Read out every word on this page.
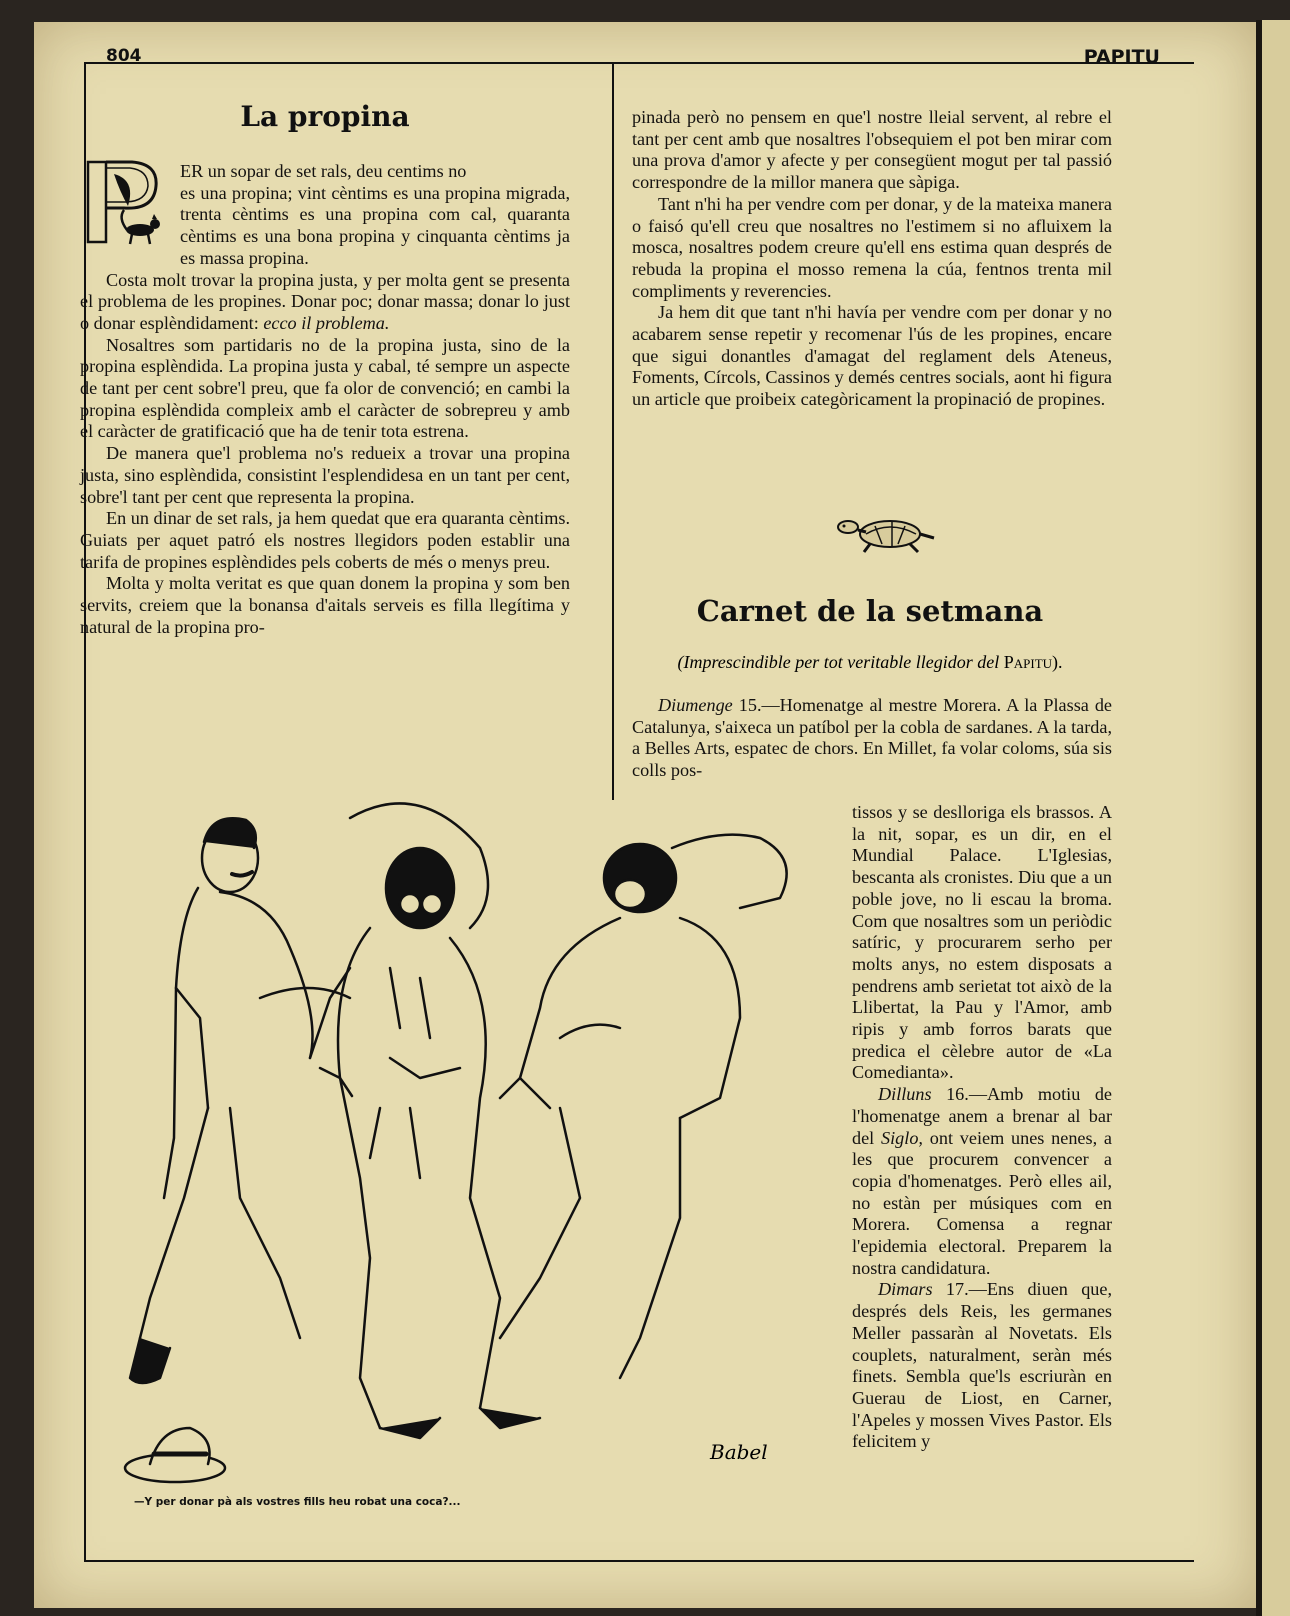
804	PAPITU
La propina

ER un sopar de set rals, deu centims no

es una propina; vint cèntims es una propina migrada, trenta cèntims es una propina com cal, quaranta cèntims es una bona propina y cinquanta cèntims ja es massa propina.

Costa molt trovar la propina justa, y per molta gent se presenta el problema de les propines. Donar poc; donar massa; donar lo just o donar esplèndidament: ecco il problema.

Nosaltres som partidaris no de la propina justa, sino de la propina esplèndida. La propina justa y cabal, té sempre un aspecte de tant per cent sobre'l preu, que fa olor de convenció; en cambi la propina esplèndida compleix amb el caràcter de sobrepreu y amb el caràcter de gratificació que ha de tenir tota estrena.

De manera que'l problema no's redueix a trovar una propina justa, sino esplèndida, consistint l'esplendidesa en un tant per cent, sobre'l tant per cent que representa la propina.

En un dinar de set rals, ja hem quedat que era quaranta cèntims. Guiats per aquet patró els nostres llegidors poden establir una tarifa de propines esplèndides pels coberts de més o menys preu.

Molta y molta veritat es que quan donem la propina y som ben servits, creiem que la bonansa d'aitals serveis es filla llegítima y natural de la propina pro-

pinada però no pensem en que'l nostre lleial servent, al rebre el tant per cent amb que nosaltres l'obsequiem el pot ben mirar com una prova d'amor y afecte y per consegüent mogut per tal passió correspondre de la millor manera que sàpiga.

Tant n'hi ha per vendre com per donar, y de la mateixa manera o faisó qu'ell creu que nosaltres no l'estimem si no afluixem la mosca, nosaltres podem creure qu'ell ens estima quan després de rebuda la propina el mosso remena la cúa, fentnos trenta mil compliments y reverencies.

Ja hem dit que tant n'hi havía per vendre com per donar y no acabarem sense repetir y recomenar l'ús de les propines, encare que sigui donantles d'amagat del reglament dels Ateneus, Foments, Círcols, Cassinos y demés centres socials, aont hi figura un article que proibeix categòricament la propinació de propines.

Carnet de la setmana
(Imprescindible per tot veritable llegidor del Papitu).

Diumenge 15.—Homenatge al mestre Morera. A la Plassa de Catalunya, s'aixeca un patíbol per la cobla de sardanes. A la tarda, a Belles Arts, espatec de chors. En Millet, fa volar coloms, súa sis colls pos-

tissos y se deslloriga els brassos. A la nit, sopar, es un dir, en el Mundial Palace. L'Iglesias, bescanta als cronistes. Diu que a un poble jove, no li escau la broma. Com que nosaltres som un periòdic satíric, y procurarem serho per molts anys, no estem disposats a pendrens amb serietat tot això de la Llibertat, la Pau y l'Amor, amb ripis y amb forros barats que predica el cèlebre autor de «La Comedianta».

Dilluns 16.—Amb motiu de l'homenatge anem a brenar al bar del Siglo, ont veiem unes nenes, a les que procurem convencer a copia d'homenatges. Però elles ail, no estàn per músiques com en Morera. Comensa a regnar l'epidemia electoral. Preparem la nostra candidatura.

Dimars 17.—Ens diuen que, després dels Reis, les germanes Meller passaràn al Novetats. Els couplets, naturalment, seràn més finets. Sembla que'ls escriuràn en Guerau de Liost, en Carner, l'Apeles y mossen Vives Pastor. Els felicitem y

Babel
—Y per donar pà als vostres fills heu robat una coca?...
